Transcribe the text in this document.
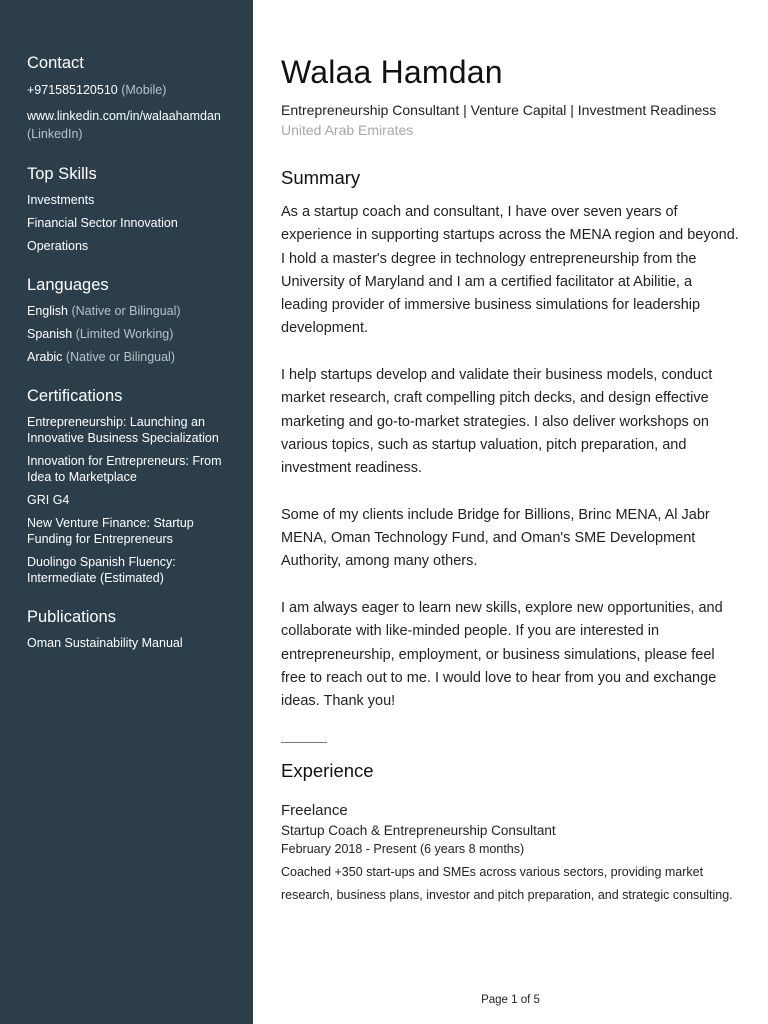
Contact
+971585120510 (Mobile)
www.linkedin.com/in/walaahamdan
(LinkedIn)
Top Skills
Investments
Financial Sector Innovation
Operations
Languages
English (Native or Bilingual)
Spanish (Limited Working)
Arabic (Native or Bilingual)
Certifications
Entrepreneurship: Launching an Innovative Business Specialization
Innovation for Entrepreneurs: From Idea to Marketplace
GRI G4
New Venture Finance: Startup Funding for Entrepreneurs
Duolingo Spanish Fluency: Intermediate (Estimated)
Publications
Oman Sustainability Manual
Walaa Hamdan
Entrepreneurship Consultant | Venture Capital | Investment Readiness
United Arab Emirates
Summary

As a startup coach and consultant, I have over seven years of experience in supporting startups across the MENA region and beyond. I hold a master's degree in technology entrepreneurship from the University of Maryland and I am a certified facilitator at Abilitie, a leading provider of immersive business simulations for leadership development.

I help startups develop and validate their business models, conduct market research, craft compelling pitch decks, and design effective marketing and go-to-market strategies. I also deliver workshops on various topics, such as startup valuation, pitch preparation, and investment readiness.

Some of my clients include Bridge for Billions, Brinc MENA, Al Jabr MENA, Oman Technology Fund, and Oman's SME Development Authority, among many others.

I am always eager to learn new skills, explore new opportunities, and collaborate with like-minded people. If you are interested in entrepreneurship, employment, or business simulations, please feel free to reach out to me. I would love to hear from you and exchange ideas. Thank you!

Experience
Freelance
Startup Coach & Entrepreneurship Consultant
February 2018 - Present (6 years 8 months)
Coached +350 start-ups and SMEs across various sectors, providing market research, business plans, investor and pitch preparation, and strategic consulting.
Page 1 of 5
